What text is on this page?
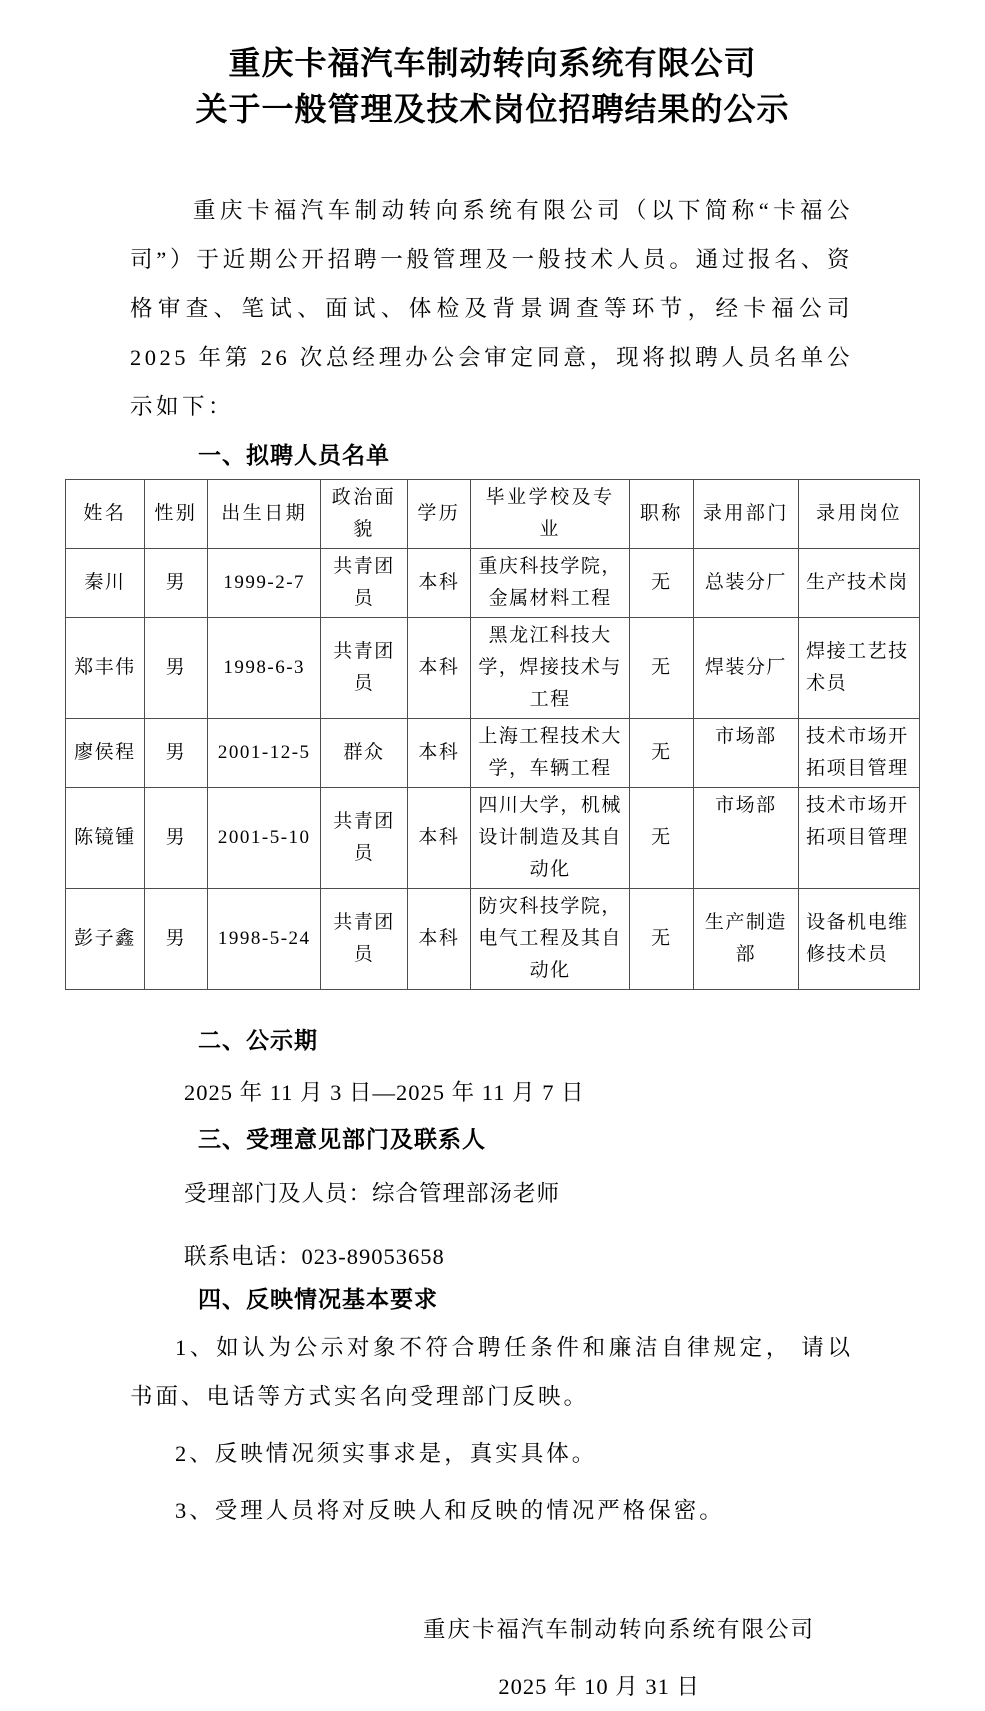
重庆卡福汽车制动转向系统有限公司
关于一般管理及技术岗位招聘结果的公示

重庆卡福汽车制动转向系统有限公司（以下简称“卡福公司”）于近期公开招聘一般管理及一般技术人员。通过报名、资格审查、笔试、面试、体检及背景调查等环节，经卡福公司 2025 年第 26 次总经理办公会审定同意，现将拟聘人员名单公示如下：

一、拟聘人员名单
姓名	性别	出生日期	政治面貌	学历	毕业学校及专业	职称	录用部门	录用岗位
秦川	男	1999-2-7	共青团员	本科	重庆科技学院，金属材料工程	无	总装分厂	生产技术岗
郑丰伟	男	1998-6-3	共青团员	本科	黑龙江科技大学，焊接技术与工程	无	焊装分厂	焊接工艺技术员
廖侯程	男	2001-12-5	群众	本科	上海工程技术大学，车辆工程	无	市场部	技术市场开拓项目管理
陈镜锺	男	2001-5-10	共青团员	本科	四川大学，机械设计制造及其自动化	无	市场部	技术市场开拓项目管理
彭子鑫	男	1998-5-24	共青团员	本科	防灾科技学院，电气工程及其自动化	无	生产制造部	设备机电维修技术员
二、公示期

2025 年 11 月 3 日—2025 年 11 月 7 日

三、受理意见部门及联系人

受理部门及人员：综合管理部汤老师

联系电话：023-89053658

四、反映情况基本要求

1、如认为公示对象不符合聘任条件和廉洁自律规定， 请以书面、电话等方式实名向受理部门反映。

2、反映情况须实事求是，真实具体。

3、受理人员将对反映人和反映的情况严格保密。

重庆卡福汽车制动转向系统有限公司

2025 年 10 月 31 日
